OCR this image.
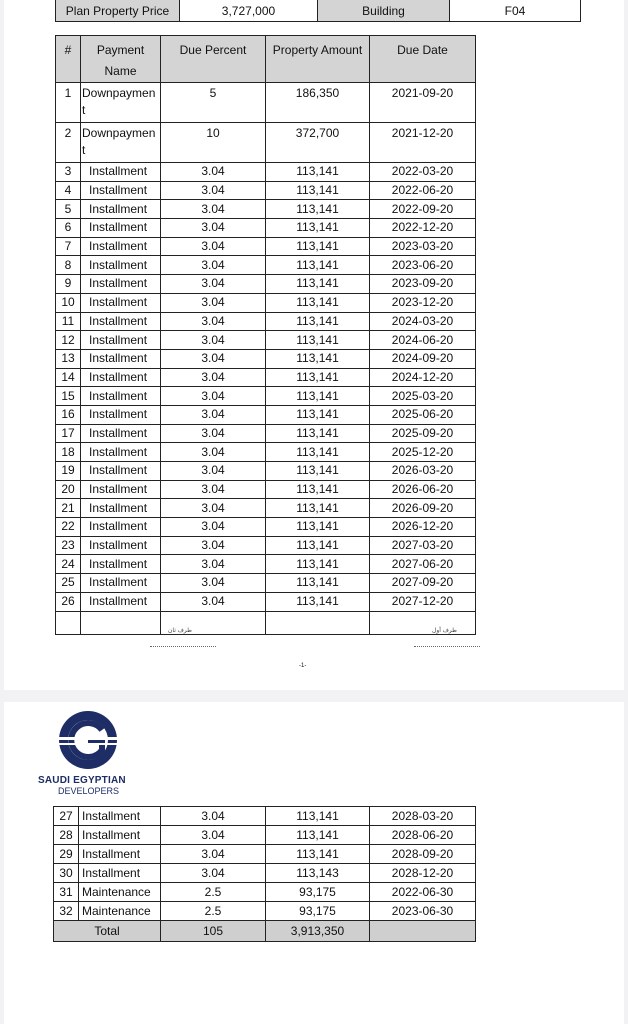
Plan Property Price	3,727,000	Building	F04
#	Payment Name	Due Percent	Property Amount	Due Date
1	Downpaymen t	5	186,350	2021-09-20
2	Downpaymen t	10	372,700	2021-12-20
3	Installment	3.04	113,141	2022-03-20
4	Installment	3.04	113,141	2022-06-20
5	Installment	3.04	113,141	2022-09-20
6	Installment	3.04	113,141	2022-12-20
7	Installment	3.04	113,141	2023-03-20
8	Installment	3.04	113,141	2023-06-20
9	Installment	3.04	113,141	2023-09-20
10	Installment	3.04	113,141	2023-12-20
11	Installment	3.04	113,141	2024-03-20
12	Installment	3.04	113,141	2024-06-20
13	Installment	3.04	113,141	2024-09-20
14	Installment	3.04	113,141	2024-12-20
15	Installment	3.04	113,141	2025-03-20
16	Installment	3.04	113,141	2025-06-20
17	Installment	3.04	113,141	2025-09-20
18	Installment	3.04	113,141	2025-12-20
19	Installment	3.04	113,141	2026-03-20
20	Installment	3.04	113,141	2026-06-20
21	Installment	3.04	113,141	2026-09-20
22	Installment	3.04	113,141	2026-12-20
23	Installment	3.04	113,141	2027-03-20
24	Installment	3.04	113,141	2027-06-20
25	Installment	3.04	113,141	2027-09-20
26	Installment	3.04	113,141	2027-12-20

طرف ثان	طرف أول
-1-
SAUDI EGYPTIAN
DEVELOPERS
27	Installment	3.04	113,141	2028-03-20
28	Installment	3.04	113,141	2028-06-20
29	Installment	3.04	113,141	2028-09-20
30	Installment	3.04	113,143	2028-12-20
31	Maintenance	2.5	93,175	2022-06-30
32	Maintenance	2.5	93,175	2023-06-30
Total		105	3,913,350	
